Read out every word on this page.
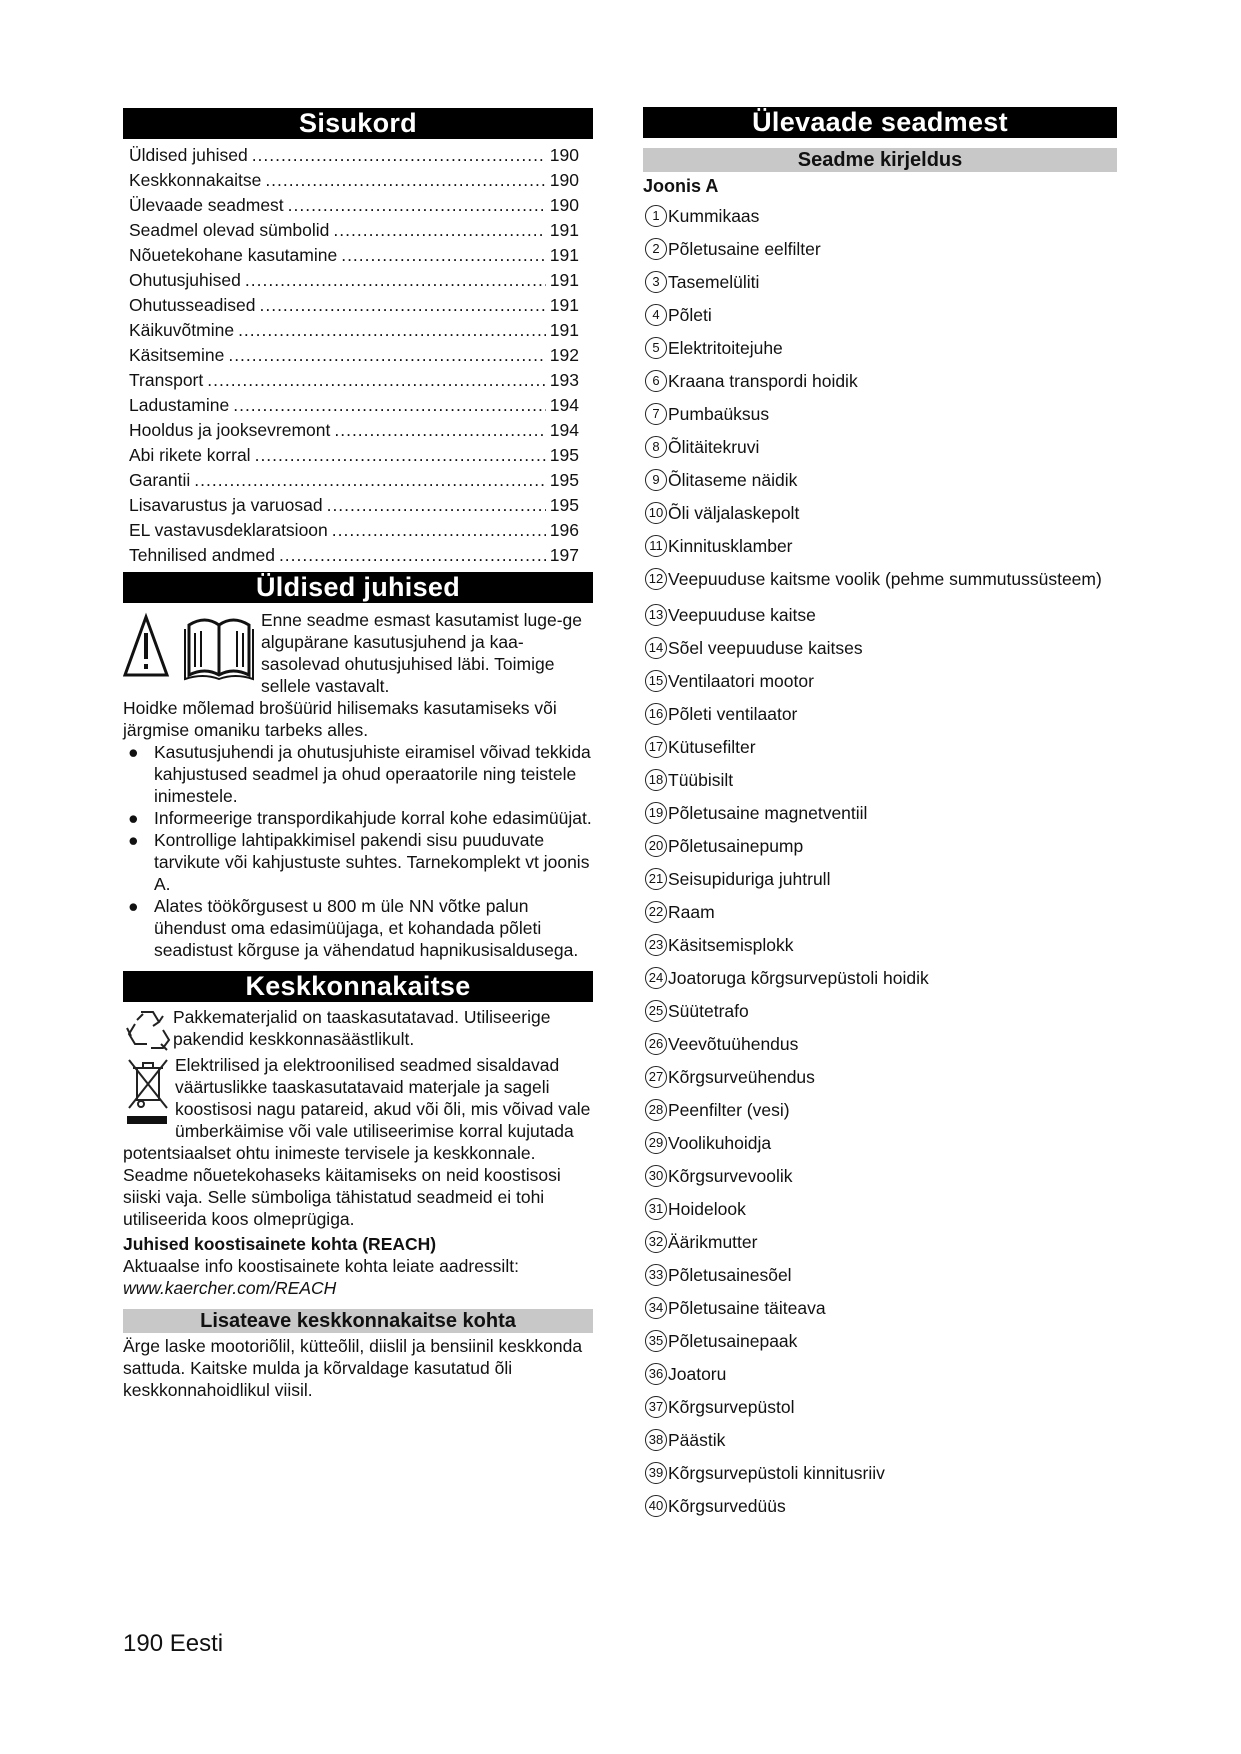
Sisukord
Üldised juhised .....	190
Keskkonnakaitse .....	190
Ülevaade seadmest .....	190
Seadmel olevad sümbolid .....	191
Nõuetekohane kasutamine .....	191
Ohutusjuhised .....	191
Ohutusseadised .....	191
Käikuvõtmine .....	191
Käsitsemine .....	192
Transport .....	193
Ladustamine .....	194
Hooldus ja jooksevremont .....	194
Abi rikete korral .....	195
Garantii .....	195
Lisavarustus ja varuosad .....	195
EL vastavusdeklaratsioon .....	196
Tehnilised andmed .....	197
Üldised juhised

Enne seadme esmast kasutamist luge-ge algupärane kasutusjuhend ja kaa-sasolevad ohutusjuhised läbi. Toimige sellele vastavalt.

Hoidke mõlemad brošüürid hilisemaks kasutamiseks või järgmise omaniku tarbeks alles.

● Kasutusjuhendi ja ohutusjuhiste eiramisel võivad tekkida kahjustused seadmel ja ohud operaatorile ning teistele inimestele.
● Informeerige transpordikahjude korral kohe edasimüüjat.
● Kontrollige lahtipakkimisel pakendi sisu puuduvate tarvikute või kahjustuste suhtes. Tarnekomplekt vt joonis A.
● Alates töökõrgusest u 800 m üle NN võtke palun ühendust oma edasimüüjaga, et kohandada põleti seadistust kõrguse ja vähendatud hapnikusisaldusega.
Keskkonnakaitse

Pakkematerjalid on taaskasutatavad. Utiliseerige pakendid keskkonnasäästlikult.

Elektrilised ja elektroonilised seadmed sisaldavad väärtuslikke taaskasutatavaid materjale ja sageli koostisosi nagu patareid, akud või õli, mis võivad vale ümberkäimise või vale utiliseerimise korral kujutada potentsiaalset ohtu inimeste tervisele ja keskkonnale. Seadme nõuetekohaseks käitamiseks on neid koostisosi siiski vaja. Selle sümboliga tähistatud seadmeid ei tohi utiliseerida koos olmeprügiga.

Juhised koostisainete kohta (REACH)

Aktuaalse info koostisainete kohta leiate aadressilt:

www.kaercher.com/REACH

Lisateave keskkonnakaitse kohta

Ärge laske mootoriõlil, kütteõlil, diislil ja bensiinil keskkonda sattuda. Kaitske mulda ja kõrvaldage kasutatud õli keskkonnahoidlikul viisil.

Ülevaade seadmest
Seadme kirjeldus

Joonis A

1 Kummikaas
2 Põletusaine eelfilter
3 Tasemelüliti
4 Põleti
5 Elektritoitejuhe
6 Kraana transpordi hoidik
7 Pumbaüksus
8 Õlitäitekruvi
9 Õlitaseme näidik
10 Õli väljalaskepolt
11 Kinnitusklamber
12 Veepuuduse kaitsme voolik (pehme summutussüsteem)
13 Veepuuduse kaitse
14 Sõel veepuuduse kaitses
15 Ventilaatori mootor
16 Põleti ventilaator
17 Kütusefilter
18 Tüübisilt
19 Põletusaine magnetventiil
20 Põletusainepump
21 Seisupiduriga juhtrull
22 Raam
23 Käsitsemisplokk
24 Joatoruga kõrgsurvepüstoli hoidik
25 Süütetrafo
26 Veevõtuühendus
27 Kõrgsurveühendus
28 Peenfilter (vesi)
29 Voolikuhoidja
30 Kõrgsurvevoolik
31 Hoidelook
32 Äärikmutter
33 Põletusainesõel
34 Põletusaine täiteava
35 Põletusainepaak
36 Joatoru
37 Kõrgsurvepüstol
38 Päästik
39 Kõrgsurvepüstoli kinnitusriiv
40 Kõrgsurvedüüs
190 Eesti
